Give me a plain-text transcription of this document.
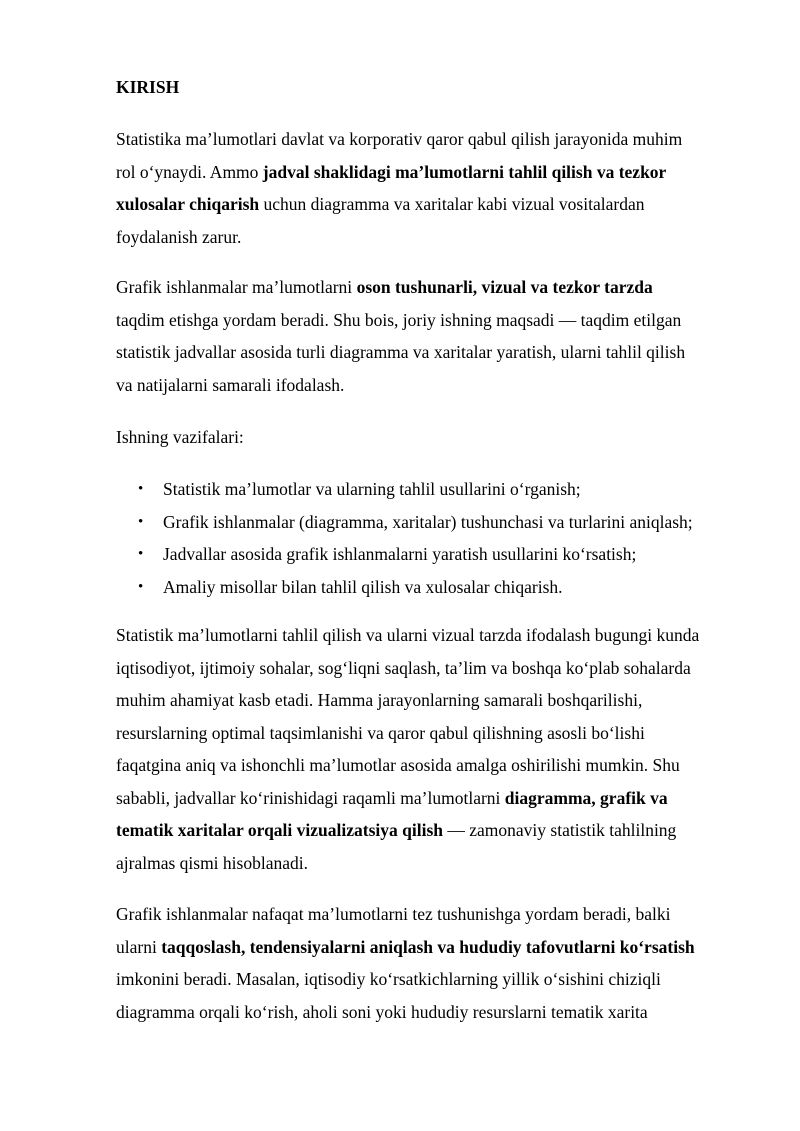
KIRISH

Statistika ma’lumotlari davlat va korporativ qaror qabul qilish jarayonida muhim
rol o‘ynaydi. Ammo jadval shaklidagi ma’lumotlarni tahlil qilish va tezkor
xulosalar chiqarish uchun diagramma va xaritalar kabi vizual vositalardan
foydalanish zarur.

Grafik ishlanmalar ma’lumotlarni oson tushunarli, vizual va tezkor tarzda
taqdim etishga yordam beradi. Shu bois, joriy ishning maqsadi — taqdim etilgan
statistik jadvallar asosida turli diagramma va xaritalar yaratish, ularni tahlil qilish
va natijalarni samarali ifodalash.

Ishning vazifalari:

• Statistik ma’lumotlar va ularning tahlil usullarini o‘rganish;
• Grafik ishlanmalar (diagramma, xaritalar) tushunchasi va turlarini aniqlash;
• Jadvallar asosida grafik ishlanmalarni yaratish usullarini ko‘rsatish;
• Amaliy misollar bilan tahlil qilish va xulosalar chiqarish.

Statistik ma’lumotlarni tahlil qilish va ularni vizual tarzda ifodalash bugungi kunda
iqtisodiyot, ijtimoiy sohalar, sog‘liqni saqlash, ta’lim va boshqa ko‘plab sohalarda
muhim ahamiyat kasb etadi. Hamma jarayonlarning samarali boshqarilishi,
resurslarning optimal taqsimlanishi va qaror qabul qilishning asosli bo‘lishi
faqatgina aniq va ishonchli ma’lumotlar asosida amalga oshirilishi mumkin. Shu
sababli, jadvallar ko‘rinishidagi raqamli ma’lumotlarni diagramma, grafik va
tematik xaritalar orqali vizualizatsiya qilish — zamonaviy statistik tahlilning
ajralmas qismi hisoblanadi.

Grafik ishlanmalar nafaqat ma’lumotlarni tez tushunishga yordam beradi, balki
ularni taqqoslash, tendensiyalarni aniqlash va hududiy tafovutlarni ko‘rsatish
imkonini beradi. Masalan, iqtisodiy ko‘rsatkichlarning yillik o‘sishini chiziqli
diagramma orqali ko‘rish, aholi soni yoki hududiy resurslarni tematik xarita
